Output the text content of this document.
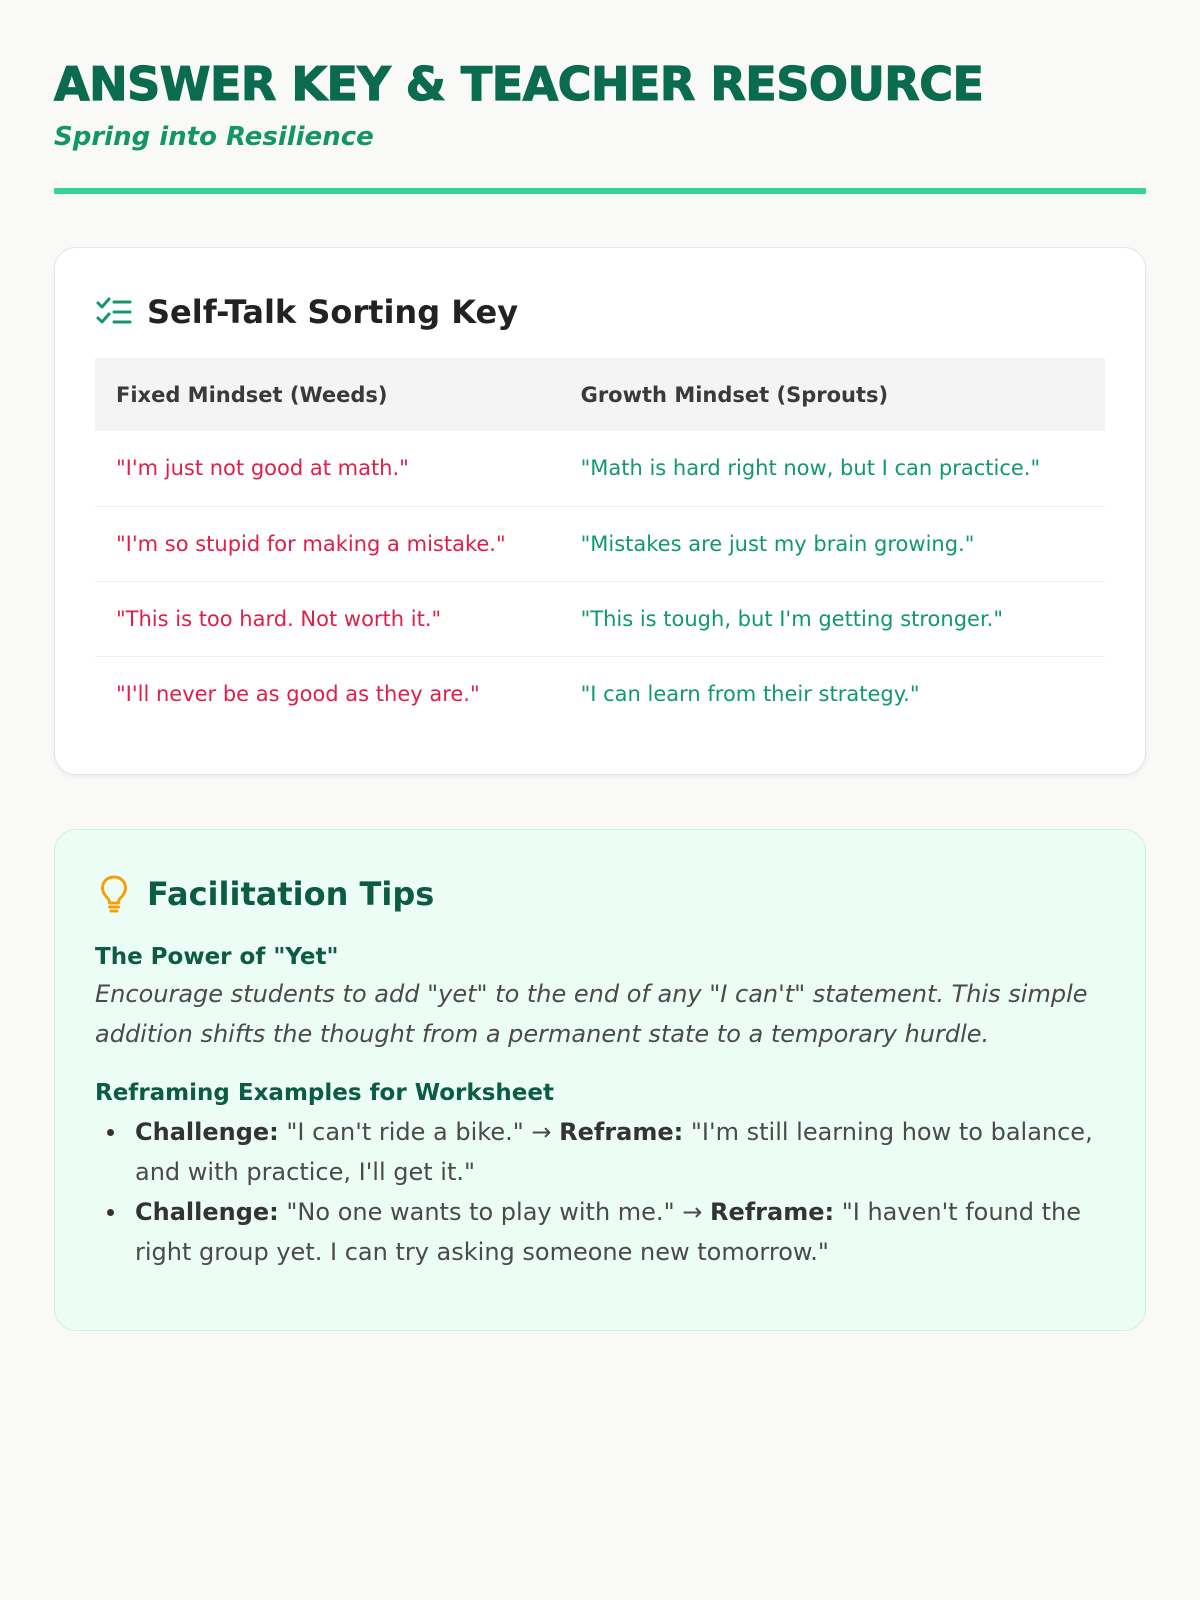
ANSWER KEY & TEACHER RESOURCE
Spring into Resilience
Self-Talk Sorting Key
Fixed Mindset (Weeds)	Growth Mindset (Sprouts)
"I'm just not good at math."	"Math is hard right now, but I can practice."
"I'm so stupid for making a mistake."	"Mistakes are just my brain growing."
"This is too hard. Not worth it."	"This is tough, but I'm getting stronger."
"I'll never be as good as they are."	"I can learn from their strategy."
Facilitation Tips
The Power of "Yet"

Encourage students to add "yet" to the end of any "I can't" statement. This simple addition shifts the thought from a permanent state to a temporary hurdle.

Reframing Examples for Worksheet
Challenge: "I can't ride a bike." → Reframe: "I'm still learning how to balance, and with practice, I'll get it."
Challenge: "No one wants to play with me." → Reframe: "I haven't found the right group yet. I can try asking someone new tomorrow."
